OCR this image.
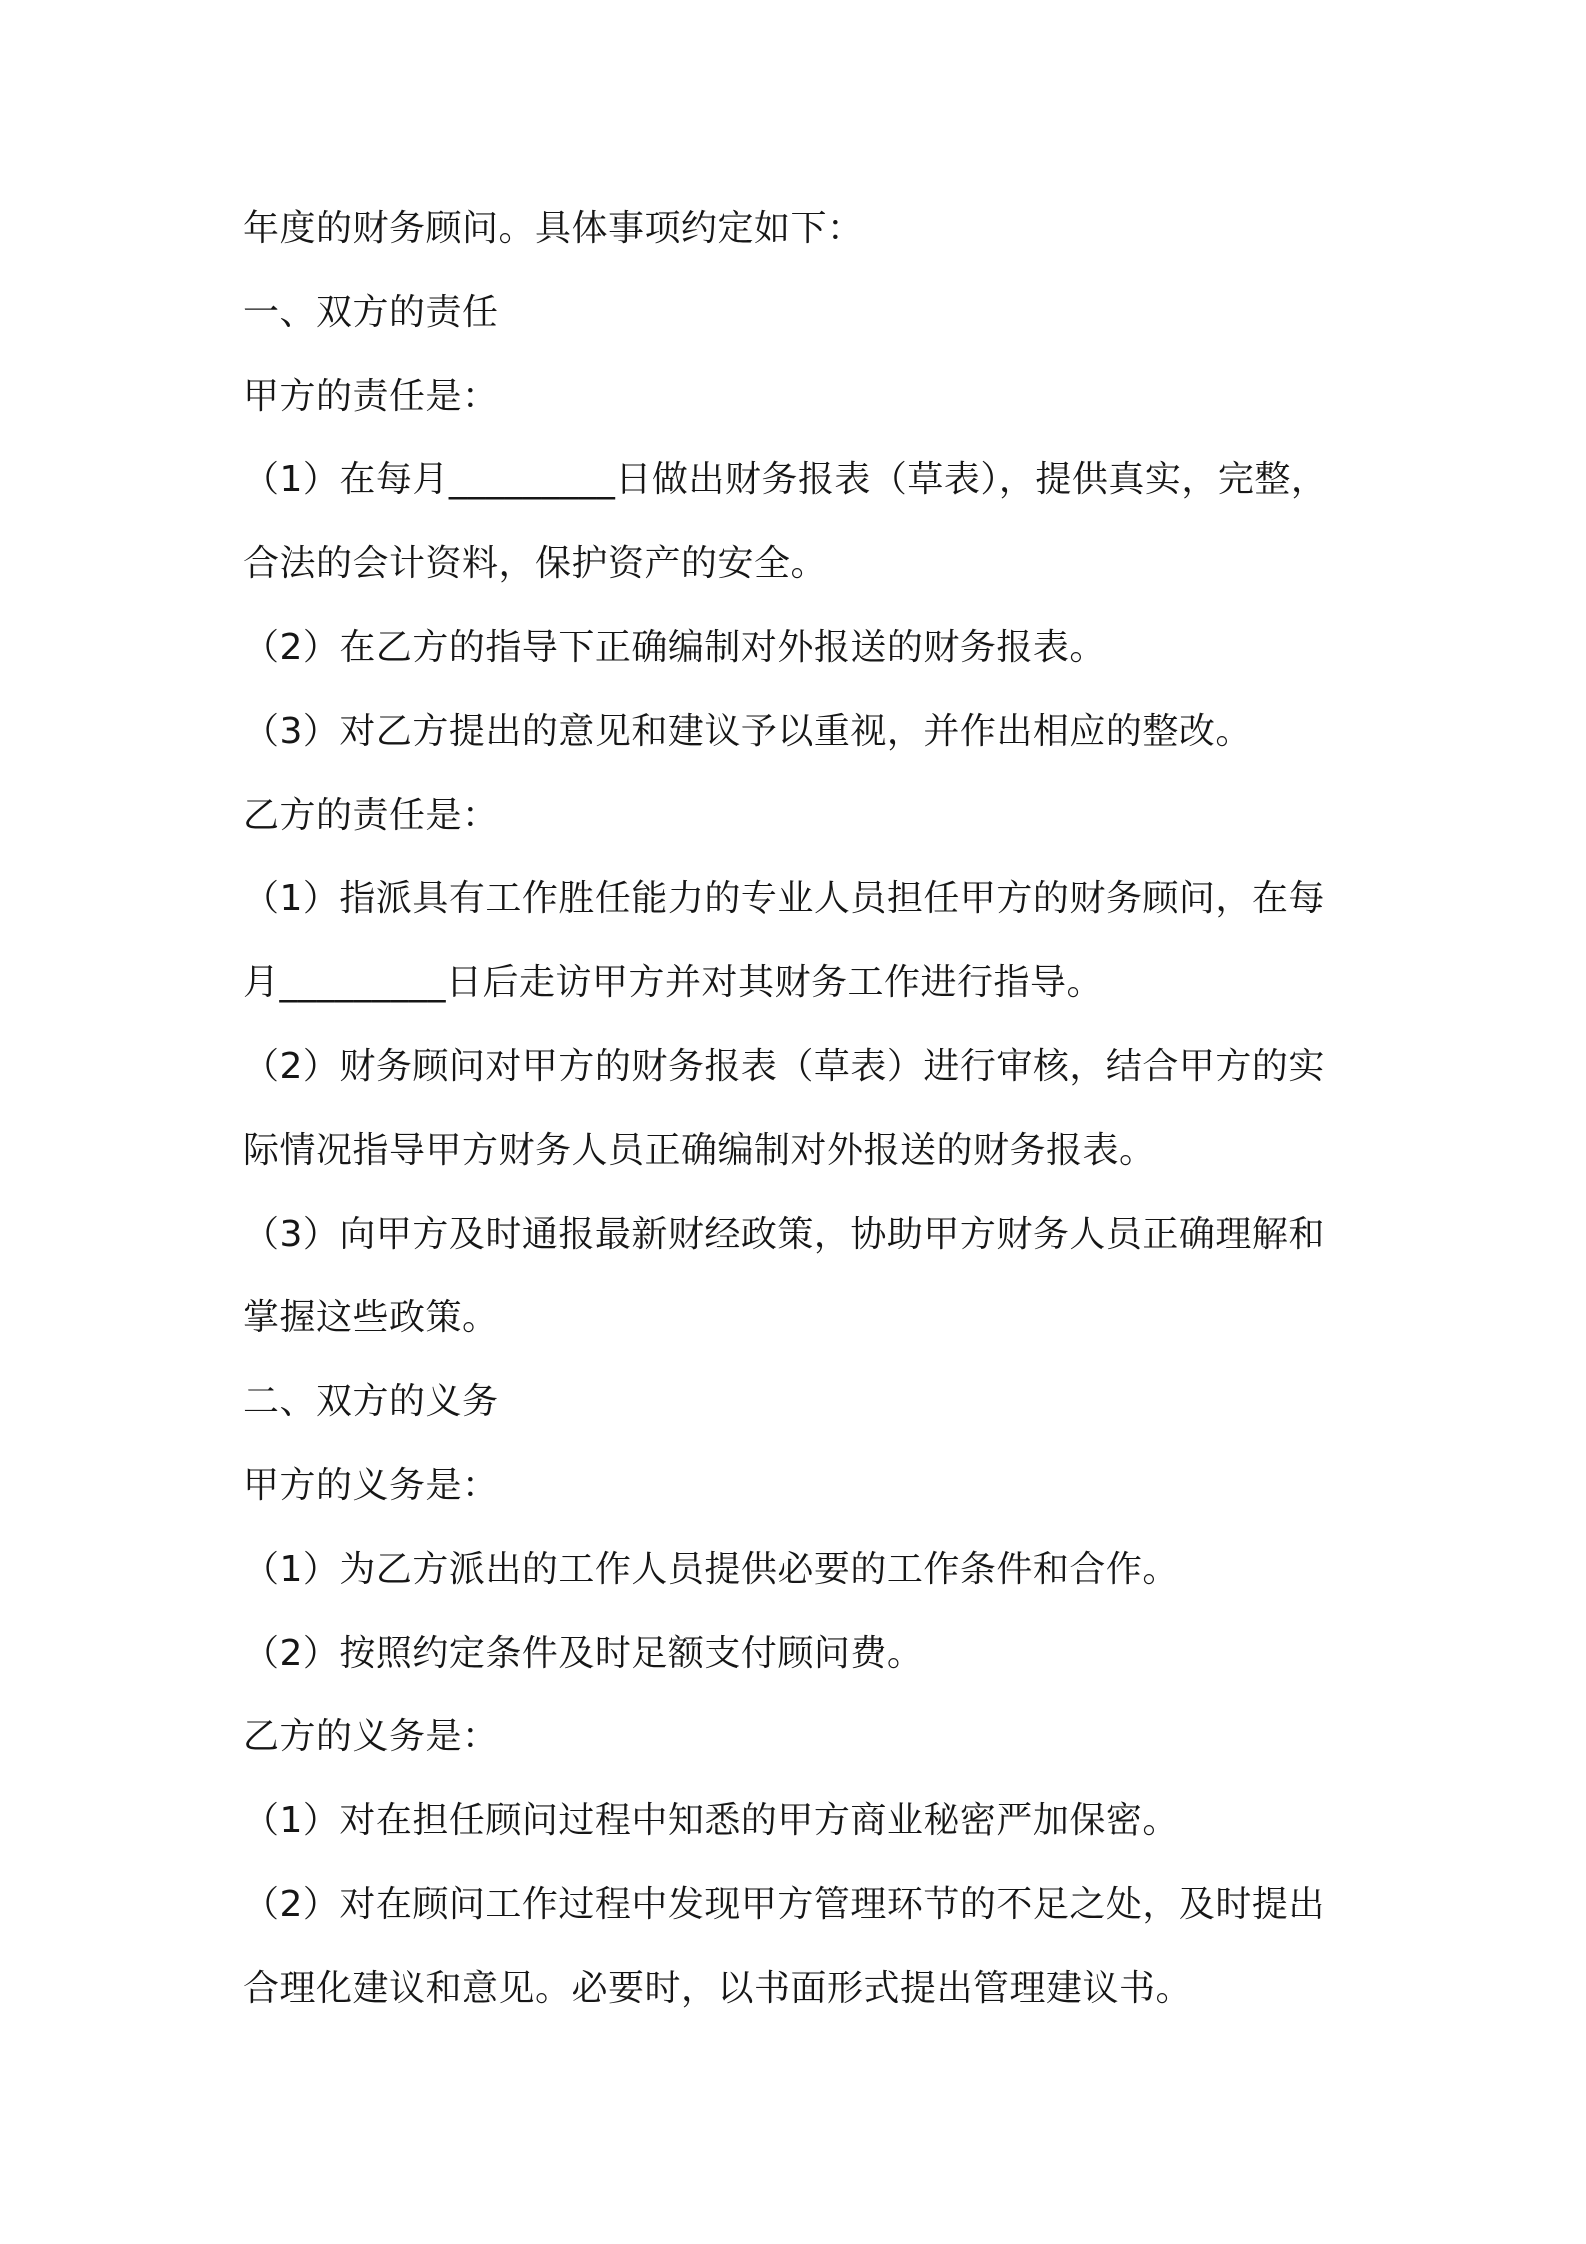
年度的财务顾问。具体事项约定如下：
一、双方的责任
甲方的责任是：
（1）在每月_________日做出财务报表（草表），提供真实，完整，
合法的会计资料，保护资产的安全。
（2）在乙方的指导下正确编制对外报送的财务报表。
（3）对乙方提出的意见和建议予以重视，并作出相应的整改。
乙方的责任是：
（1）指派具有工作胜任能力的专业人员担任甲方的财务顾问，在每
月_________日后走访甲方并对其财务工作进行指导。
（2）财务顾问对甲方的财务报表（草表）进行审核，结合甲方的实
际情况指导甲方财务人员正确编制对外报送的财务报表。
（3）向甲方及时通报最新财经政策，协助甲方财务人员正确理解和
掌握这些政策。
二、双方的义务
甲方的义务是：
（1）为乙方派出的工作人员提供必要的工作条件和合作。
（2）按照约定条件及时足额支付顾问费。
乙方的义务是：
（1）对在担任顾问过程中知悉的甲方商业秘密严加保密。
（2）对在顾问工作过程中发现甲方管理环节的不足之处，及时提出
合理化建议和意见。必要时，以书面形式提出管理建议书。
